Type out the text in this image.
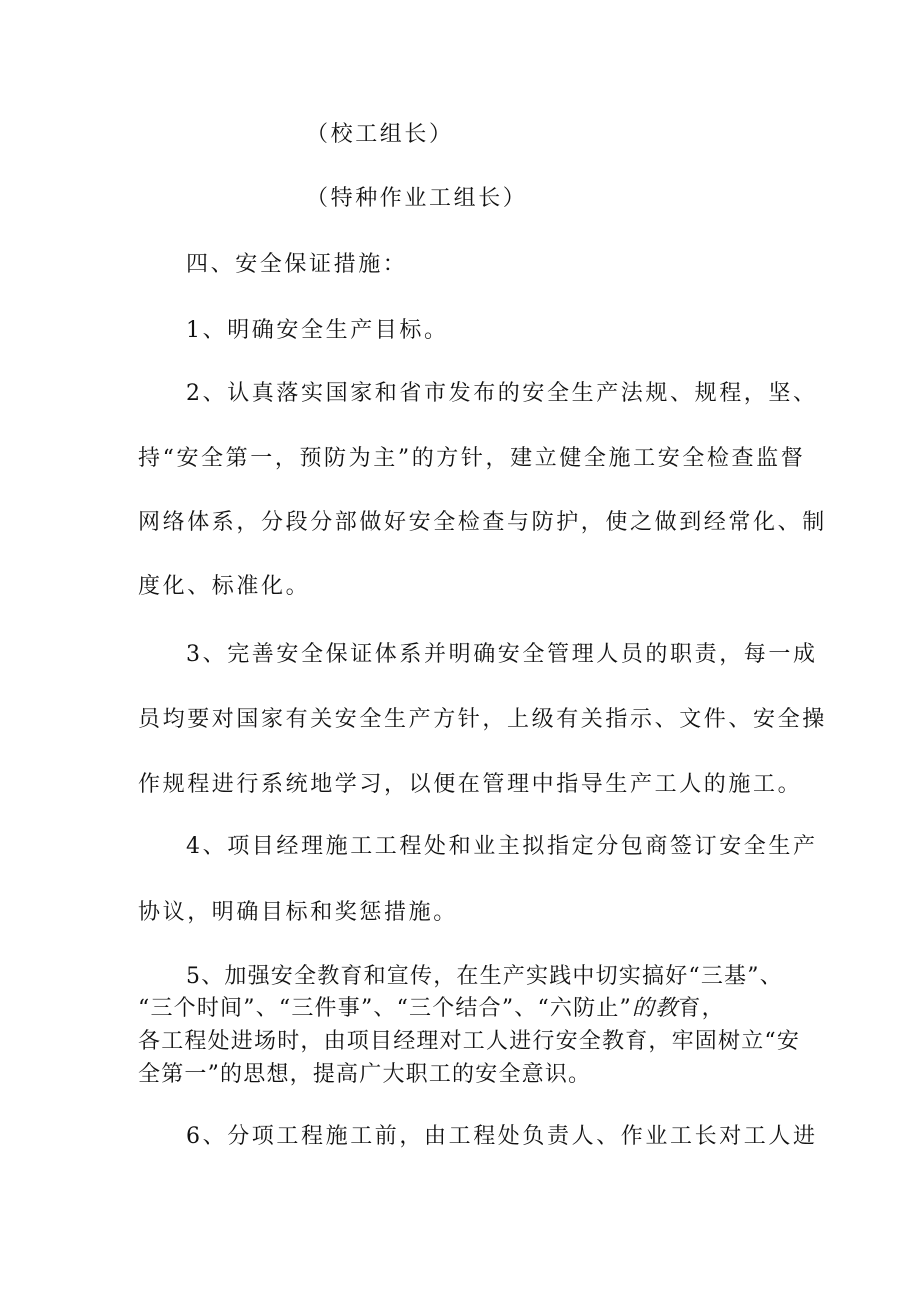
（校工组长）
（特种作业工组长）
四、安全保证措施：
1、明确安全生产目标。
2、认真落实国家和省市发布的安全生产法规、规程，坚、
持“安全第一，预防为主”的方针，建立健全施工安全检查监督
网络体系，分段分部做好安全检查与防护，使之做到经常化、制
度化、标准化。
3、完善安全保证体系并明确安全管理人员的职责，每一成
员均要对国家有关安全生产方针，上级有关指示、文件、安全操
作规程进行系统地学习，以便在管理中指导生产工人的施工。
4、项目经理施工工程处和业主拟指定分包商签订安全生产
协议，明确目标和奖惩措施。
5、加强安全教育和宣传，在生产实践中切实搞好“三基”、
“三个时间”、“三件事”、“三个结合”、“六防止”的教育，
各工程处进场时，由项目经理对工人进行安全教育，牢固树立“安
全第一”的思想，提高广大职工的安全意识。
6、分项工程施工前，由工程处负责人、作业工长对工人进
